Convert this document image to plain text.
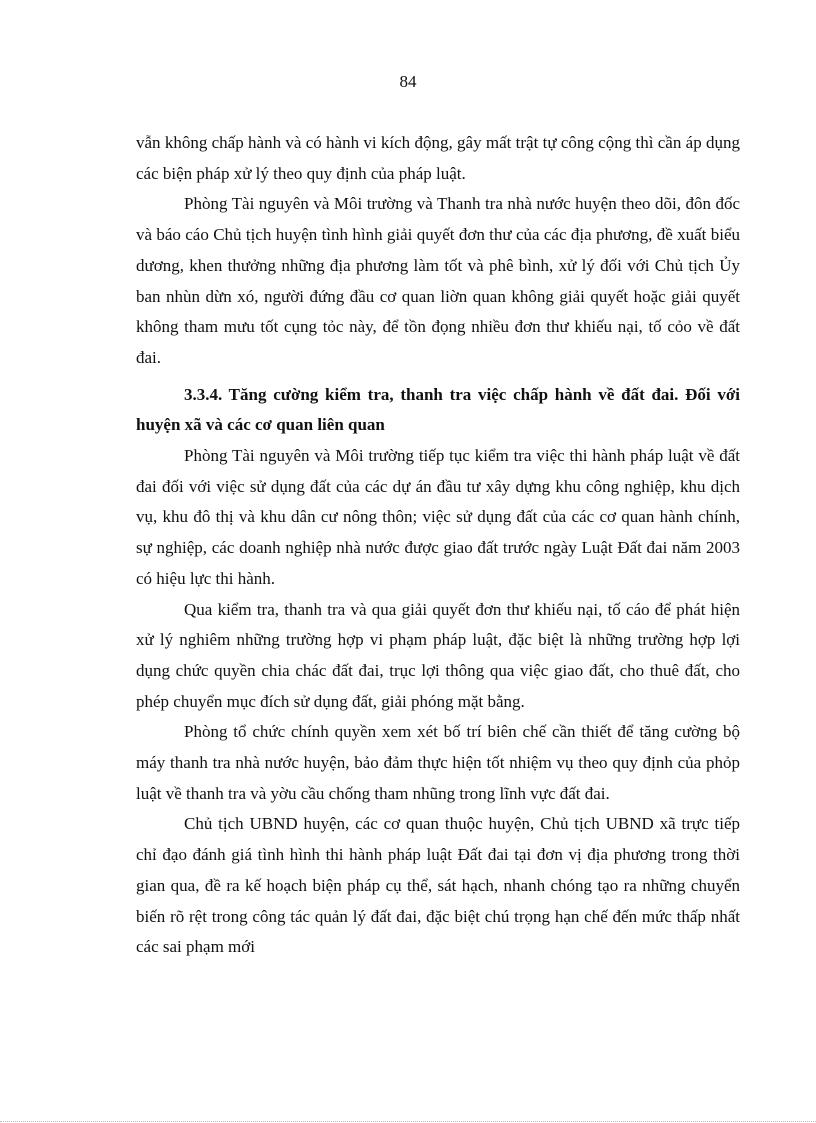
84

vẫn không chấp hành và có hành vi kích động, gây mất trật tự công cộng thì cần áp dụng các biện pháp xử lý theo quy định của pháp luật.

Phòng Tài nguyên và Môi trường và Thanh tra nhà nước huyện theo dõi, đôn đốc và báo cáo Chủ tịch huyện tình hình giải quyết đơn thư của các địa phương, đề xuất biểu dương, khen thưởng những địa phương làm tốt và phê bình, xử lý đối với Chủ tịch Ủy ban nhùn dừn xó, người đứng đầu cơ quan liờn quan không giải quyết hoặc giải quyết không tham mưu tốt cụng tỏc này, để tồn đọng nhiều đơn thư khiếu nại, tố cỏo về đất đai.

3.3.4. Tăng cường kiểm tra, thanh tra việc chấp hành về đất đai. Đối với huyện xã và các cơ quan liên quan

Phòng Tài nguyên và Môi trường tiếp tục kiểm tra việc thi hành pháp luật về đất đai đối với việc sử dụng đất của các dự án đầu tư xây dựng khu công nghiệp, khu dịch vụ, khu đô thị và khu dân cư nông thôn; việc sử dụng đất của các cơ quan hành chính, sự nghiệp, các doanh nghiệp nhà nước được giao đất trước ngày Luật Đất đai năm 2003 có hiệu lực thi hành.

Qua kiểm tra, thanh tra và qua giải quyết đơn thư khiếu nại, tố cáo để phát hiện xử lý nghiêm những trường hợp vi phạm pháp luật, đặc biệt là những trường hợp lợi dụng chức quyền chia chác đất đai, trục lợi thông qua việc giao đất, cho thuê đất, cho phép chuyển mục đích sử dụng đất, giải phóng mặt bằng.

Phòng tổ chức chính quyền xem xét bố trí biên chế cần thiết để tăng cường bộ máy thanh tra nhà nước huyện, bảo đảm thực hiện tốt nhiệm vụ theo quy định của phỏp luật về thanh tra và yờu cầu chống tham nhũng trong lĩnh vực đất đai.

Chủ tịch UBND huyện, các cơ quan thuộc huyện, Chủ tịch UBND xã trực tiếp chỉ đạo đánh giá tình hình thi hành pháp luật Đất đai tại đơn vị địa phương trong thời gian qua, đề ra kế hoạch biện pháp cụ thể, sát hạch, nhanh chóng tạo ra những chuyển biến rõ rệt trong công tác quản lý đất đai, đặc biệt chú trọng hạn chế đến mức thấp nhất các sai phạm mới
